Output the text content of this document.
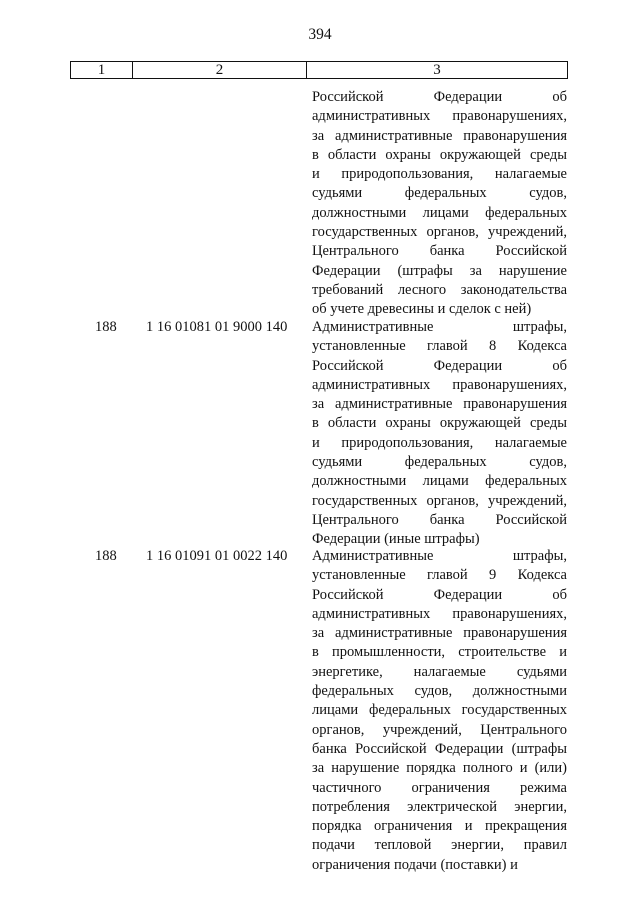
394
1	2	3
Российской Федерации об
административных правонарушениях,
за административные правонарушения
в области охраны окружающей среды
и природопользования, налагаемые
судьями федеральных судов,
должностными лицами федеральных
государственных органов, учреждений,
Центрального банка Российской
Федерации (штрафы за нарушение
требований лесного законодательства
об учете древесины и сделок с ней)
188 1 16 01081 01 9000 140 Административные штрафы,
установленные главой 8 Кодекса
Российской Федерации об
административных правонарушениях,
за административные правонарушения
в области охраны окружающей среды
и природопользования, налагаемые
судьями федеральных судов,
должностными лицами федеральных
государственных органов, учреждений,
Центрального банка Российской
Федерации (иные штрафы)
188 1 16 01091 01 0022 140 Административные штрафы,
установленные главой 9 Кодекса
Российской Федерации об
административных правонарушениях,
за административные правонарушения
в промышленности, строительстве и
энергетике, налагаемые судьями
федеральных судов, должностными
лицами федеральных государственных
органов, учреждений, Центрального
банка Российской Федерации (штрафы
за нарушение порядка полного и (или)
частичного ограничения режима
потребления электрической энергии,
порядка ограничения и прекращения
подачи тепловой энергии, правил
ограничения подачи (поставки) и
